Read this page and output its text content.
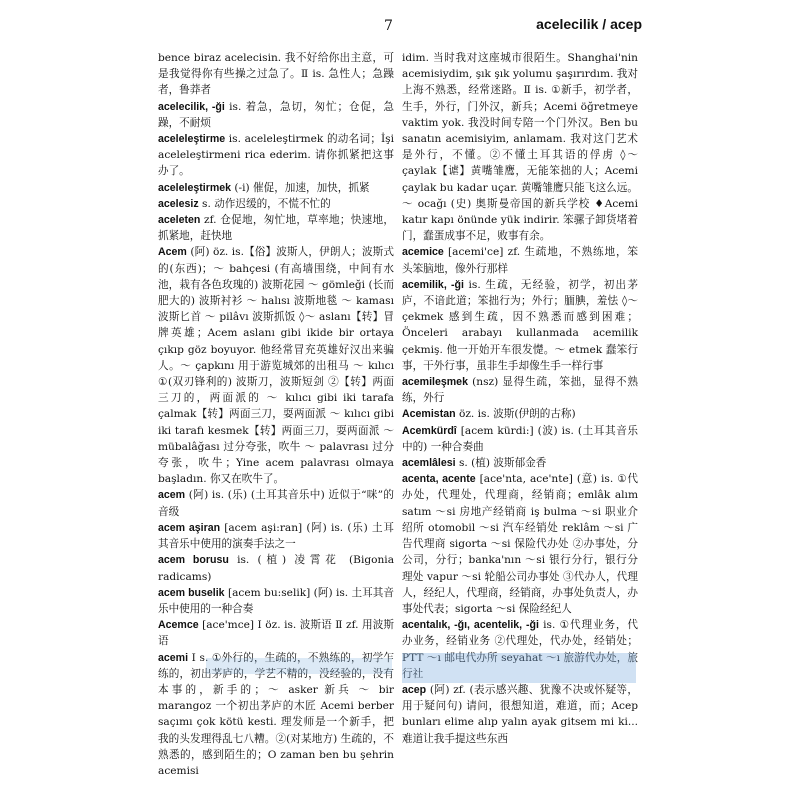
7	acelecilik / acep
bence biraz acelecisin. 我不好给你出主意，可是我觉得你有些操之过急了。Ⅱ is. 急性人；急躁者，鲁莽者
acelecilik, -ği is. 着急，急切，匆忙；仓促，急躁，不耐烦
aceleleştirme is. aceleleştirmek 的动名词；İşi aceleleştirmeni rica ederim. 请你抓紧把这事办了。
aceleleştirmek (-i) 催促，加速，加快，抓紧
acelesiz s. 动作迟缓的，不慌不忙的
aceleten zf. 仓促地，匆忙地，草率地；快速地，抓紧地，赶快地
Acem (阿) öz. is.【俗】波斯人，伊朗人；波斯式的(东西)；～ bahçesi (有高墙围绕，中间有水池，栽有各色玫瑰的) 波斯花园 ～ gömleği (长而肥大的) 波斯衬衫 ～ halısı 波斯地毯 ～ kaması 波斯匕首 ～ pilâvı 波斯抓饭 ◊～ aslanı【转】冒牌英雄；Acem aslanı gibi ikide bir ortaya çıkıp göz boyuyor. 他经常冒充英雄好汉出来骗人。～ çapkını 用于游览城郊的出租马 ～ kılıcı ①(双刃锋利的) 波斯刀，波斯短剑 ②【转】两面三刀的，两面派的 ～ kılıcı gibi iki tarafa çalmak【转】两面三刀，耍两面派 ～ kılıcı gibi iki tarafı kesmek【转】两面三刀，耍两面派 ～ mübalâğası 过分夸张，吹牛 ～ palavrası 过分夸张，吹牛；Yine acem palavrası olmaya başladın. 你又在吹牛了。
acem (阿) is. (乐) (土耳其音乐中) 近似于“咪”的音级
acem aşiran [acem aşi:ran] (阿) is. (乐) 土耳其音乐中使用的演奏手法之一
acem borusu is. (植) 凌霄花 (Bigonia radicams)
acem buselik [acem bu:selik] (阿) is. 土耳其音乐中使用的一种合奏
Acemce [ace'mce] Ⅰ öz. is. 波斯语 Ⅱ zf. 用波斯语
acemi Ⅰ s. ①外行的，生疏的，不熟练的，初学乍练的，初出茅庐的，学艺不精的，没经验的，没有本事的，新手的；～ asker 新兵 ～ bir marangoz 一个初出茅庐的木匠 Acemi berber saçımı çok kötü kesti. 理发师是一个新手，把我的头发理得乱七八糟。②(对某地方) 生疏的，不熟悉的，感到陌生的；O zaman ben bu şehrin acemisi
idim. 当时我对这座城市很陌生。Shanghai'nin acemisiydim, şık şık yolumu şaşırırdım. 我对上海不熟悉，经常迷路。Ⅱ is. ①新手，初学者，生手，外行，门外汉，新兵；Acemi öğretmeye vaktim yok. 我没时间专陪一个门外汉。Ben bu sanatın acemisiyim, anlamam. 我对这门艺术是外行，不懂。②不懂土耳其语的俘虏 ◊～ çaylak【谑】黄嘴雏鹰，无能笨拙的人；Acemi çaylak bu kadar uçar. 黄嘴雏鹰只能飞这么远。～ ocağı (史) 奥斯曼帝国的新兵学校 ♦Acemi katır kapı önünde yük indirir. 笨骡子卸货堵着门，蠢蛋成事不足，败事有余。
acemice [acemi'ce] zf. 生疏地，不熟练地，笨头笨脑地，像外行那样
acemilik, -ği is. 生疏，无经验，初学，初出茅庐，不谙此道；笨拙行为；外行；腼腆，羞怯 ◊～ çekmek 感到生疏，因不熟悉而感到困难；Önceleri arabayı kullanmada acemilik çekmiş. 他一开始开车很发憷。～ etmek 蠢笨行事，干外行事，虽非生手却像生手一样行事
acemileşmek (nsz) 显得生疏，笨拙，显得不熟练，外行
Acemistan öz. is. 波斯(伊朗的古称)
Acemkürdî [acem kürdi:] (波) is. (土耳其音乐中的) 一种合奏曲
acemlâlesi s. (植) 波斯郁金香
acenta, acente [ace'nta, ace'nte] (意) is. ①代办处，代理处，代理商，经销商；emlâk alım satım ～si 房地产经销商 iş bulma ～si 职业介绍所 otomobil ～si 汽车经销处 reklâm ～si 广告代理商 sigorta ～si 保险代办处 ②办事处，分公司，分行；banka'nın ～si 银行分行，银行分理处 vapur ～si 轮船公司办事处 ③代办人，代理人，经纪人，代理商，经销商，办事处负责人，办事处代表；sigorta ～si 保险经纪人
acentalık, -ğı, acentelik, -ği is. ①代理业务，代办业务，经销业务 ②代理处，代办处，经销处；PTT ～ı 邮电代办所 seyahat ～ı 旅游代办处，旅行社
acep (阿) zf. (表示感兴趣、犹豫不决或怀疑等，用于疑问句) 请问，很想知道，难道，而；Acep bunları elime alıp yalın ayak gitsem mi ki... 难道让我手提这些东西
